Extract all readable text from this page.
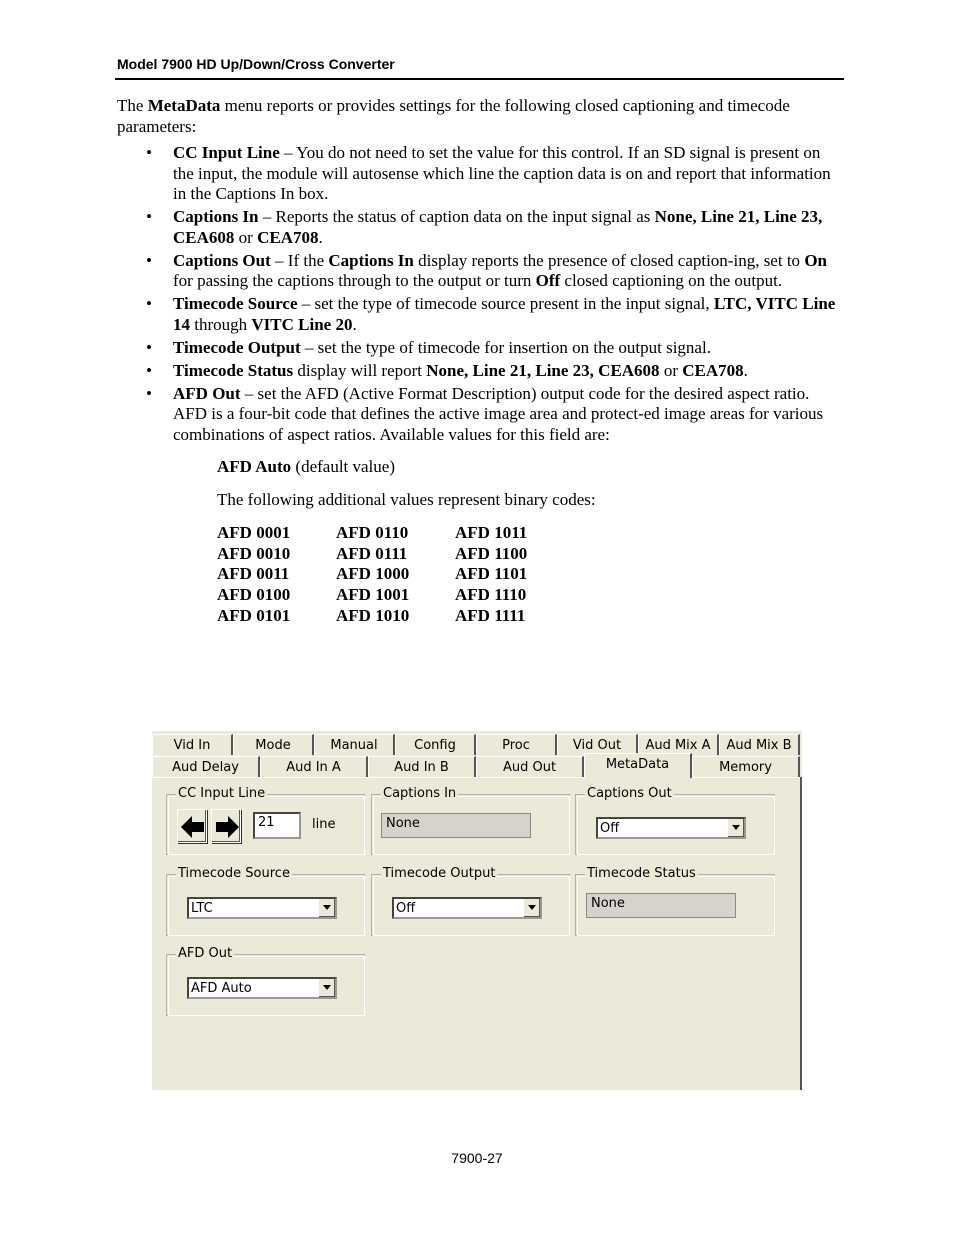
Model 7900 HD Up/Down/Cross Converter

The MetaData menu reports or provides settings for the following closed captioning and timecode parameters:

• CC Input Line – You do not need to set the value for this control. If an SD signal is present on the input, the module will autosense which line the caption data is on and report that information in the Captions In box.
• Captions In – Reports the status of caption data on the input signal as None, Line 21, Line 23, CEA608 or CEA708.
• Captions Out – If the Captions In display reports the presence of closed caption-ing, set to On for passing the captions through to the output or turn Off closed captioning on the output.
• Timecode Source – set the type of timecode source present in the input signal, LTC, VITC Line 14 through VITC Line 20.
• Timecode Output – set the type of timecode for insertion on the output signal.
• Timecode Status display will report None, Line 21, Line 23, CEA608 or CEA708.
• AFD Out – set the AFD (Active Format Description) output code for the desired aspect ratio. AFD is a four-bit code that defines the active image area and protect-ed image areas for various combinations of aspect ratios. Available values for this field are:
AFD Auto (default value)
The following additional values represent binary codes:
AFD 0001	AFD 0110	AFD 1011
AFD 0010	AFD 0111	AFD 1100
AFD 0011	AFD 1000	AFD 1101
AFD 0100	AFD 1001	AFD 1110
AFD 0101	AFD 1010	AFD 1111
Vid In	Mode	Manual	Config	Proc	Vid Out	Aud Mix A	Aud Mix B
Aud Delay	Aud In A	Aud In B	Aud Out	MetaData	Memory
CC Input Line
21	line
Captions In
None
Captions Out
Off
Timecode Source
LTC
Timecode Output
Off
Timecode Status
None
AFD Out
AFD Auto
7900-27
